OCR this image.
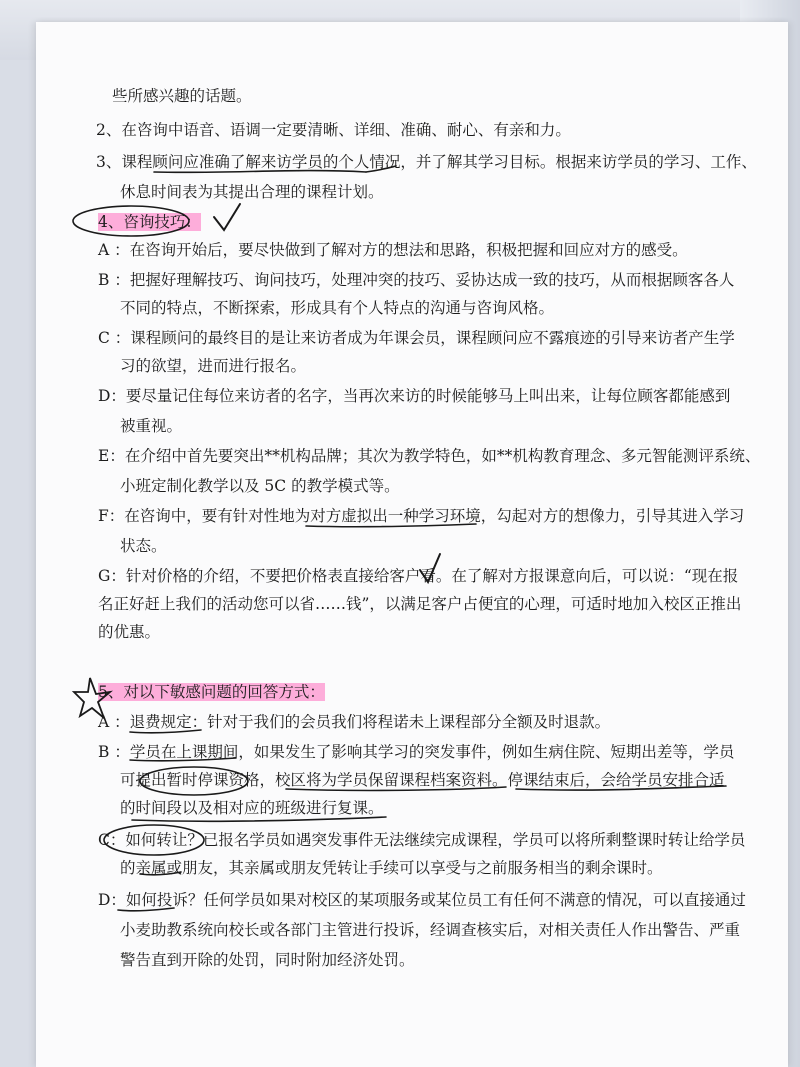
些所感兴趣的话题。
2、在咨询中语音、语调一定要清晰、详细、准确、耐心、有亲和力。
3、课程顾问应准确了解来访学员的个人情况，并了解其学习目标。根据来访学员的学习、工作、
休息时间表为其提出合理的课程计划。
4、咨询技巧：
A ：在咨询开始后，要尽快做到了解对方的想法和思路，积极把握和回应对方的感受。
B ：把握好理解技巧、询问技巧，处理冲突的技巧、妥协达成一致的技巧，从而根据顾客各人
不同的特点，不断探索，形成具有个人特点的沟通与咨询风格。
C ：课程顾问的最终目的是让来访者成为年课会员，课程顾问应不露痕迹的引导来访者产生学
习的欲望，进而进行报名。
D：要尽量记住每位来访者的名字，当再次来访的时候能够马上叫出来，让每位顾客都能感到
被重视。
E：在介绍中首先要突出**机构品牌；其次为教学特色，如**机构教育理念、多元智能测评系统、
小班定制化教学以及 5C 的教学模式等。
F：在咨询中，要有针对性地为对方虚拟出一种学习环境，勾起对方的想像力，引导其进入学习
状态。
G：针对价格的介绍，不要把价格表直接给客户看。在了解对方报课意向后，可以说：“现在报
名正好赶上我们的活动您可以省……钱”，以满足客户占便宜的心理，可适时地加入校区正推出
的优惠。
5、对以下敏感问题的回答方式：
A ：退费规定：针对于我们的会员我们将程诺未上课程部分全额及时退款。
B ：学员在上课期间，如果发生了影响其学习的突发事件，例如生病住院、短期出差等，学员
可提出暂时停课资格，校区将为学员保留课程档案资料。停课结束后，会给学员安排合适
的时间段以及相对应的班级进行复课。
C：如何转让？已报名学员如遇突发事件无法继续完成课程，学员可以将所剩整课时转让给学员
的亲属或朋友，其亲属或朋友凭转让手续可以享受与之前服务相当的剩余课时。
D：如何投诉？任何学员如果对校区的某项服务或某位员工有任何不满意的情况，可以直接通过
小麦助教系统向校长或各部门主管进行投诉，经调查核实后，对相关责任人作出警告、严重
警告直到开除的处罚，同时附加经济处罚。
